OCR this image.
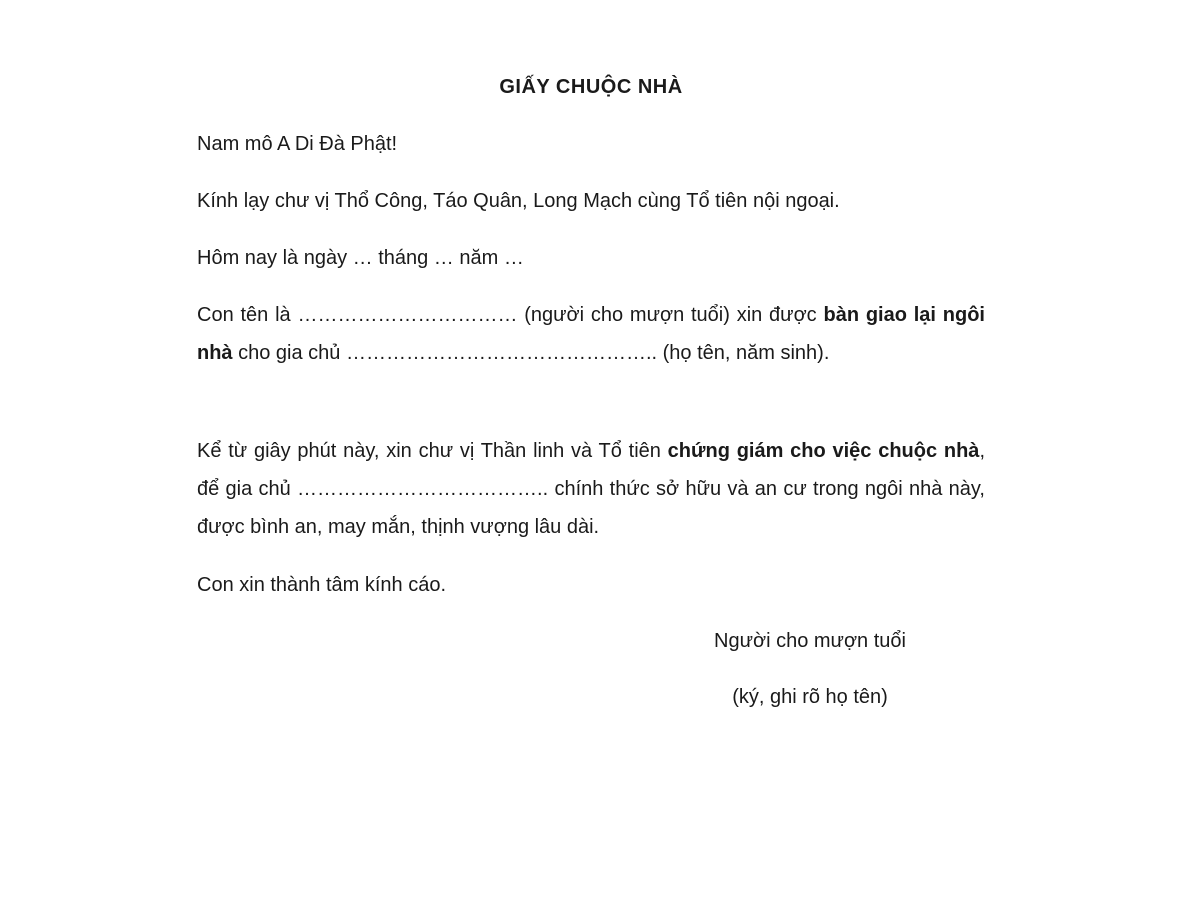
GIẤY CHUỘC NHÀ

Nam mô A Di Đà Phật!

Kính lạy chư vị Thổ Công, Táo Quân, Long Mạch cùng Tổ tiên nội ngoại.

Hôm nay là ngày … tháng … năm …

Con tên là …………………………… (người cho mượn tuổi) xin được bàn giao lại ngôi nhà cho gia chủ ……………………………………….. (họ tên, năm sinh).

Kể từ giây phút này, xin chư vị Thần linh và Tổ tiên chứng giám cho việc chuộc nhà, để gia chủ ……………………………….. chính thức sở hữu và an cư trong ngôi nhà này, được bình an, may mắn, thịnh vượng lâu dài.

Con xin thành tâm kính cáo.

Người cho mượn tuổi

(ký, ghi rõ họ tên)
